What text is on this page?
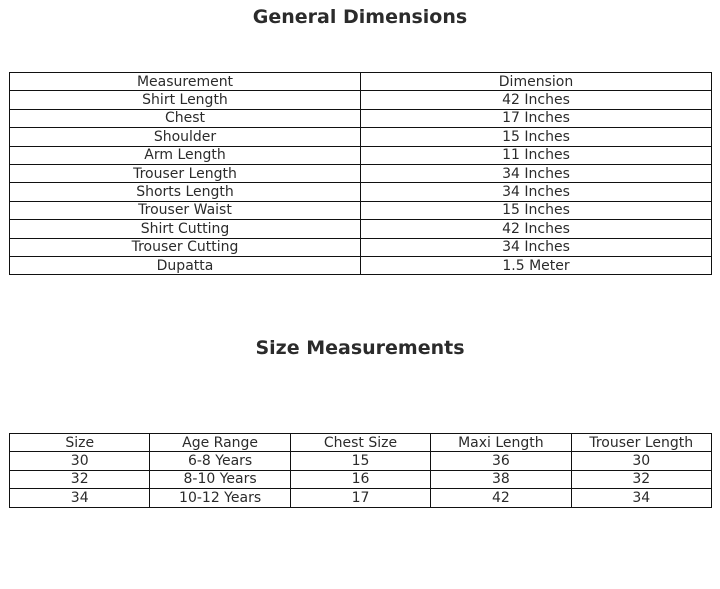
General Dimensions
Measurement	Dimension
Shirt Length	42 Inches
Chest	17 Inches
Shoulder	15 Inches
Arm Length	11 Inches
Trouser Length	34 Inches
Shorts Length	34 Inches
Trouser Waist	15 Inches
Shirt Cutting	42 Inches
Trouser Cutting	34 Inches
Dupatta	1.5 Meter
Size Measurements
Size	Age Range	Chest Size	Maxi Length	Trouser Length
30	6-8 Years	15	36	30
32	8-10 Years	16	38	32
34	10-12 Years	17	42	34
